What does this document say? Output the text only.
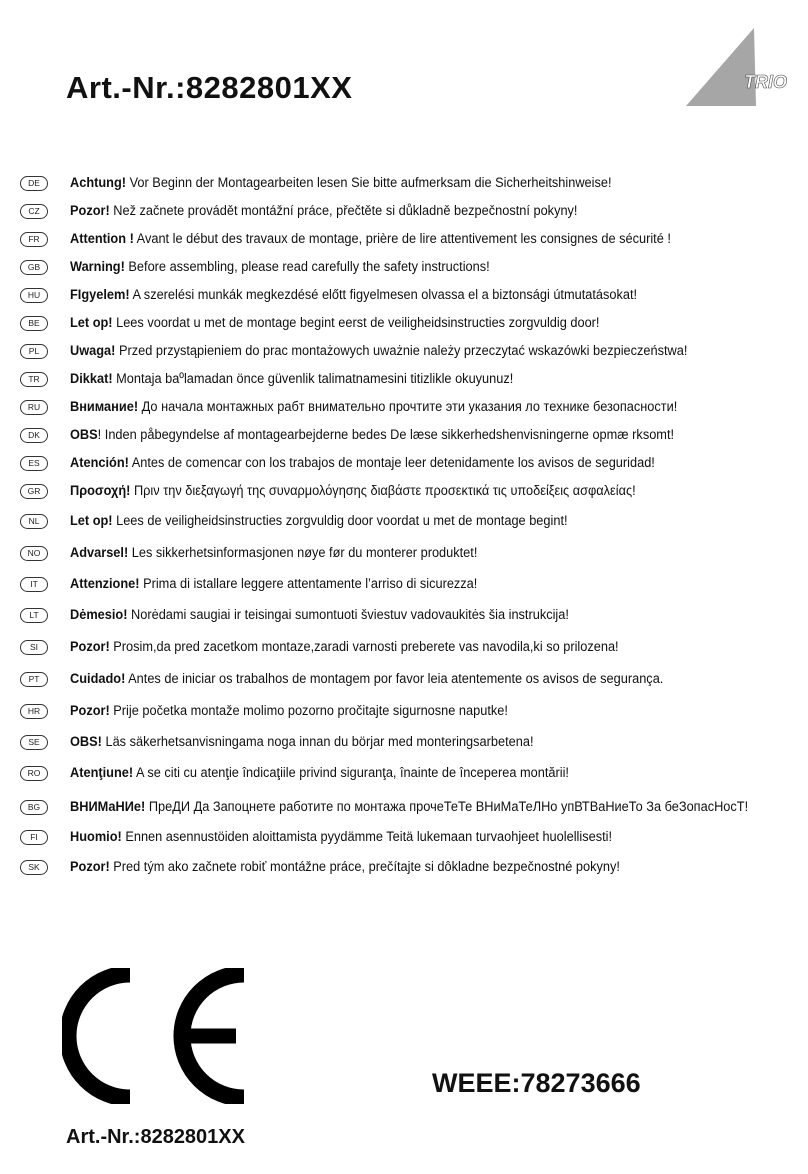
Art.-Nr.:8282801XX	TRIO
DE	Achtung! Vor Beginn der Montagearbeiten lesen Sie bitte aufmerksam die Sicherheitshinweise!
CZ	Pozor! Než začnete provádět montážní práce, přečtěte si důkladně bezpečnostní pokyny!
FR	Attention ! Avant le début des travaux de montage, prière de lire attentivement les consignes de sécurité !
GB	Warning! Before assembling, please read carefully the safety instructions!
HU	FIgyelem! A szerelési munkák megkezdésé előtt figyelmesen olvassa el a biztonsági útmutatásokat!
BE	Let op! Lees voordat u met de montage begint eerst de veiligheidsinstructies zorgvuldig door!
PL	Uwaga! Przed przystąpieniem do prac montażowych uważnie należy przeczytać wskazówki bezpieczeństwa!
TR	Dikkat! Montaja baºlamadan önce güvenlik talimatnamesini titizlikle okuyunuz!
RU	Внимание! До начала монтажных рабт внимательно прочтите эти указания ло технике безопасности!
DK	OBS! Inden påbegyndelse af montagearbejderne bedes De læse sikkerhedshenvisningerne opmæ rksomt!
ES	Atención! Antes de comencar con los trabajos de montaje leer detenidamente los avisos de seguridad!
GR	Προσοχή! Πριν την διεξαγωγή της συναρμολόγησης διαβάστε προσεκτικά τις υποδείξεις ασφαλείας!
NL	Let op! Lees de veiligheidsinstructies zorgvuldig door voordat u met de montage begint!
NO	Advarsel! Les sikkerhetsinformasjonen nøye før du monterer produktet!
IT	Attenzione! Prima di istallare leggere attentamente l’arriso di sicurezza!
LT	Dėmesio! Norėdami saugiai ir teisingai sumontuoti šviestuv vadovaukitės šia instrukcija!
SI	Pozor! Prosim,da pred zacetkom montaze,zaradi varnosti preberete vas navodila,ki so prilozena!
PT	Cuidado! Antes de iniciar os trabalhos de montagem por favor leia atentemente os avisos de segurança.
HR	Pozor! Prije početka montaže molimo pozorno pročitajte sigurnosne naputke!
SE	OBS! Läs säkerhetsanvisningama noga innan du börjar med monteringsarbetena!
RO	Atenţiune! A se citi cu atenţie îndicaţiile privind siguranţa, înainte de începerea montării!
BG	ВНИМаНИе! ПреДИ Да Запоцнете работите по монтажа прочеТеТе ВНиМаТеЛНо упВТВаНиеТо За беЗопасНосТ!
FI	Huomio! Ennen asennustöiden aloittamista pyydämme Teitä lukemaan turvaohjeet huolellisesti!
SK	Pozor! Pred tým ako začnete robiť montážne práce, prečítajte si dôkladne bezpečnostné pokyny!
WEEE:78273666
Art.-Nr.:8282801XX
